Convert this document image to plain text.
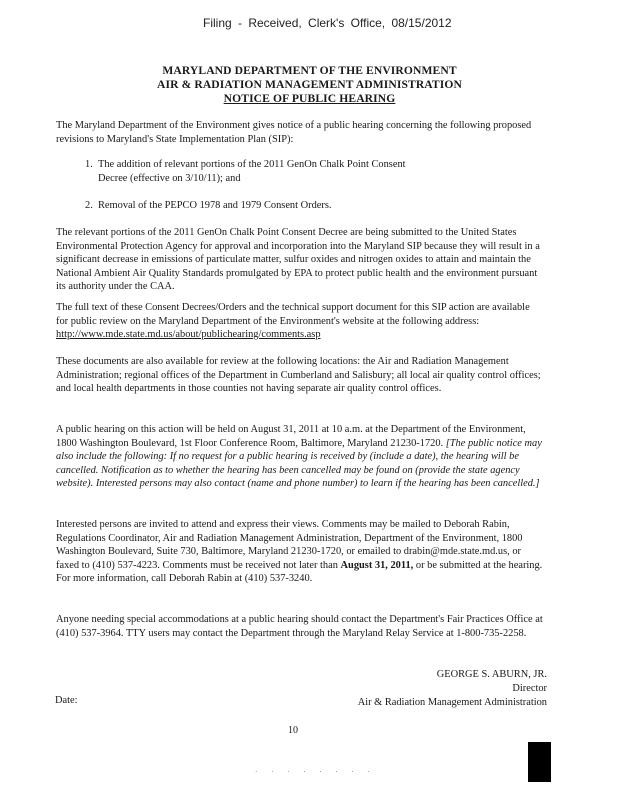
Filing - Received, Clerk's Office, 08/15/2012
MARYLAND DEPARTMENT OF THE ENVIRONMENT
AIR & RADIATION MANAGEMENT ADMINISTRATION
NOTICE OF PUBLIC HEARING

The Maryland Department of the Environment gives notice of a public hearing concerning the following proposed revisions to Maryland's State Implementation Plan (SIP):

1. The addition of relevant portions of the 2011 GenOn Chalk Point Consent Decree (effective on 3/10/11); and
2. Removal of the PEPCO 1978 and 1979 Consent Orders.

The relevant portions of the 2011 GenOn Chalk Point Consent Decree are being submitted to the United States Environmental Protection Agency for approval and incorporation into the Maryland SIP because they will result in a significant decrease in emissions of particulate matter, sulfur oxides and nitrogen oxides to attain and maintain the National Ambient Air Quality Standards promulgated by EPA to protect public health and the environment pursuant its authority under the CAA.

The full text of these Consent Decrees/Orders and the technical support document for this SIP action are available for public review on the Maryland Department of the Environment's website at the following address: http://www.mde.state.md.us/about/publichearing/comments.asp

These documents are also available for review at the following locations: the Air and Radiation Management Administration; regional offices of the Department in Cumberland and Salisbury; all local air quality control offices; and local health departments in those counties not having separate air quality control offices.

A public hearing on this action will be held on August 31, 2011 at 10 a.m. at the Department of the Environment, 1800 Washington Boulevard, 1st Floor Conference Room, Baltimore, Maryland 21230-1720. [The public notice may also include the following: If no request for a public hearing is received by (include a date), the hearing will be cancelled. Notification as to whether the hearing has been cancelled may be found on (provide the state agency website). Interested persons may also contact (name and phone number) to learn if the hearing has been cancelled.]

Interested persons are invited to attend and express their views. Comments may be mailed to Deborah Rabin, Regulations Coordinator, Air and Radiation Management Administration, Department of the Environment, 1800 Washington Boulevard, Suite 730, Baltimore, Maryland 21230-1720, or emailed to drabin@mde.state.md.us, or faxed to (410) 537-4223. Comments must be received not later than August 31, 2011, or be submitted at the hearing. For more information, call Deborah Rabin at (410) 537-3240.

Anyone needing special accommodations at a public hearing should contact the Department's Fair Practices Office at (410) 537-3964. TTY users may contact the Department through the Maryland Relay Service at 1-800-735-2258.

GEORGE S. ABURN, JR.
Director
Air & Radiation Management Administration
Date:
10
· · · · · · · ·
